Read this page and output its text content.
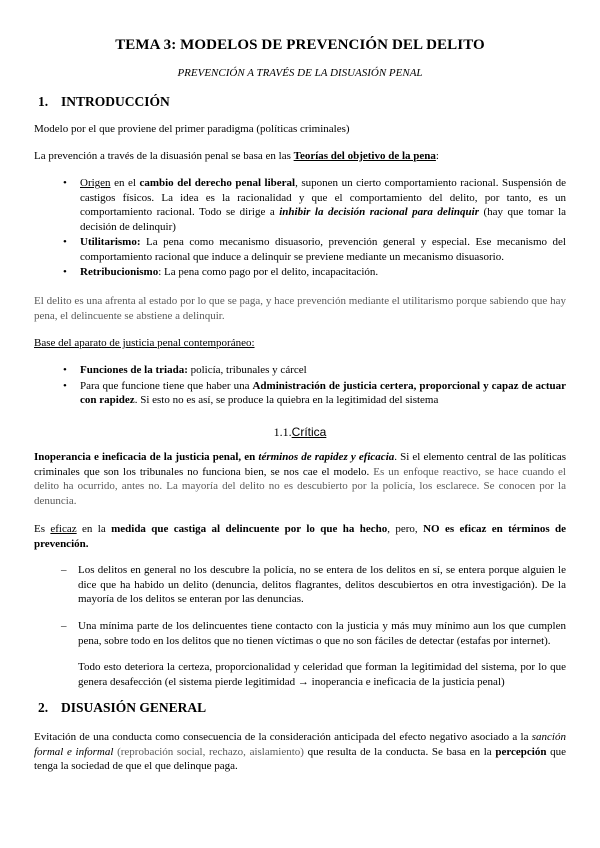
TEMA 3: MODELOS DE PREVENCIÓN DEL DELITO
PREVENCIÓN A TRAVÉS DE LA DISUASIÓN PENAL
1. INTRODUCCIÓN

Modelo por el que proviene del primer paradigma (políticas criminales)

La prevención a través de la disuasión penal se basa en las Teorías del objetivo de la pena:

• Origen en el cambio del derecho penal liberal, suponen un cierto comportamiento racional. Suspensión de castigos físicos. La idea es la racionalidad y que el comportamiento del delito, por tanto, es un comportamiento racional. Todo se dirige a inhibir la decisión racional para delinquir (hay que tomar la decisión de delinquir)
• Utilitarismo: La pena como mecanismo disuasorio, prevención general y especial. Ese mecanismo del comportamiento racional que induce a delinquir se previene mediante un mecanismo disuasorio.
• Retribucionismo: La pena como pago por el delito, incapacitación.

El delito es una afrenta al estado por lo que se paga, y hace prevención mediante el utilitarismo porque sabiendo que hay pena, el delincuente se abstiene a delinquir.

Base del aparato de justicia penal contemporáneo:

• Funciones de la triada: policía, tribunales y cárcel
• Para que funcione tiene que haber una Administración de justicia certera, proporcional y capaz de actuar con rapidez. Si esto no es así, se produce la quiebra en la legitimidad del sistema
1.1.Crítica

Inoperancia e ineficacia de la justicia penal, en términos de rapidez y eficacia. Si el elemento central de las políticas criminales que son los tribunales no funciona bien, se nos cae el modelo. Es un enfoque reactivo, se hace cuando el delito ha ocurrido, antes no. La mayoría del delito no es descubierto por la policía, los esclarece. Se conocen por la denuncia.

Es eficaz en la medida que castiga al delincuente por lo que ha hecho, pero, NO es eficaz en términos de prevención.

– Los delitos en general no los descubre la policía, no se entera de los delitos en sí, se entera porque alguien le dice que ha habido un delito (denuncia, delitos flagrantes, delitos descubiertos en otra investigación). De la mayoría de los delitos se enteran por las denuncias.
– Una mínima parte de los delincuentes tiene contacto con la justicia y más muy mínimo aun los que cumplen pena, sobre todo en los delitos que no tienen víctimas o que no son fáciles de detectar (estafas por internet).

Todo esto deteriora la certeza, proporcionalidad y celeridad que forman la legitimidad del sistema, por lo que genera desafección (el sistema pierde legitimidad → inoperancia e ineficacia de la justicia penal)

2. DISUASIÓN GENERAL

Evitación de una conducta como consecuencia de la consideración anticipada del efecto negativo asociado a la sanción formal e informal (reprobación social, rechazo, aislamiento) que resulta de la conducta. Se basa en la percepción que tenga la sociedad de que el que delinque paga.
